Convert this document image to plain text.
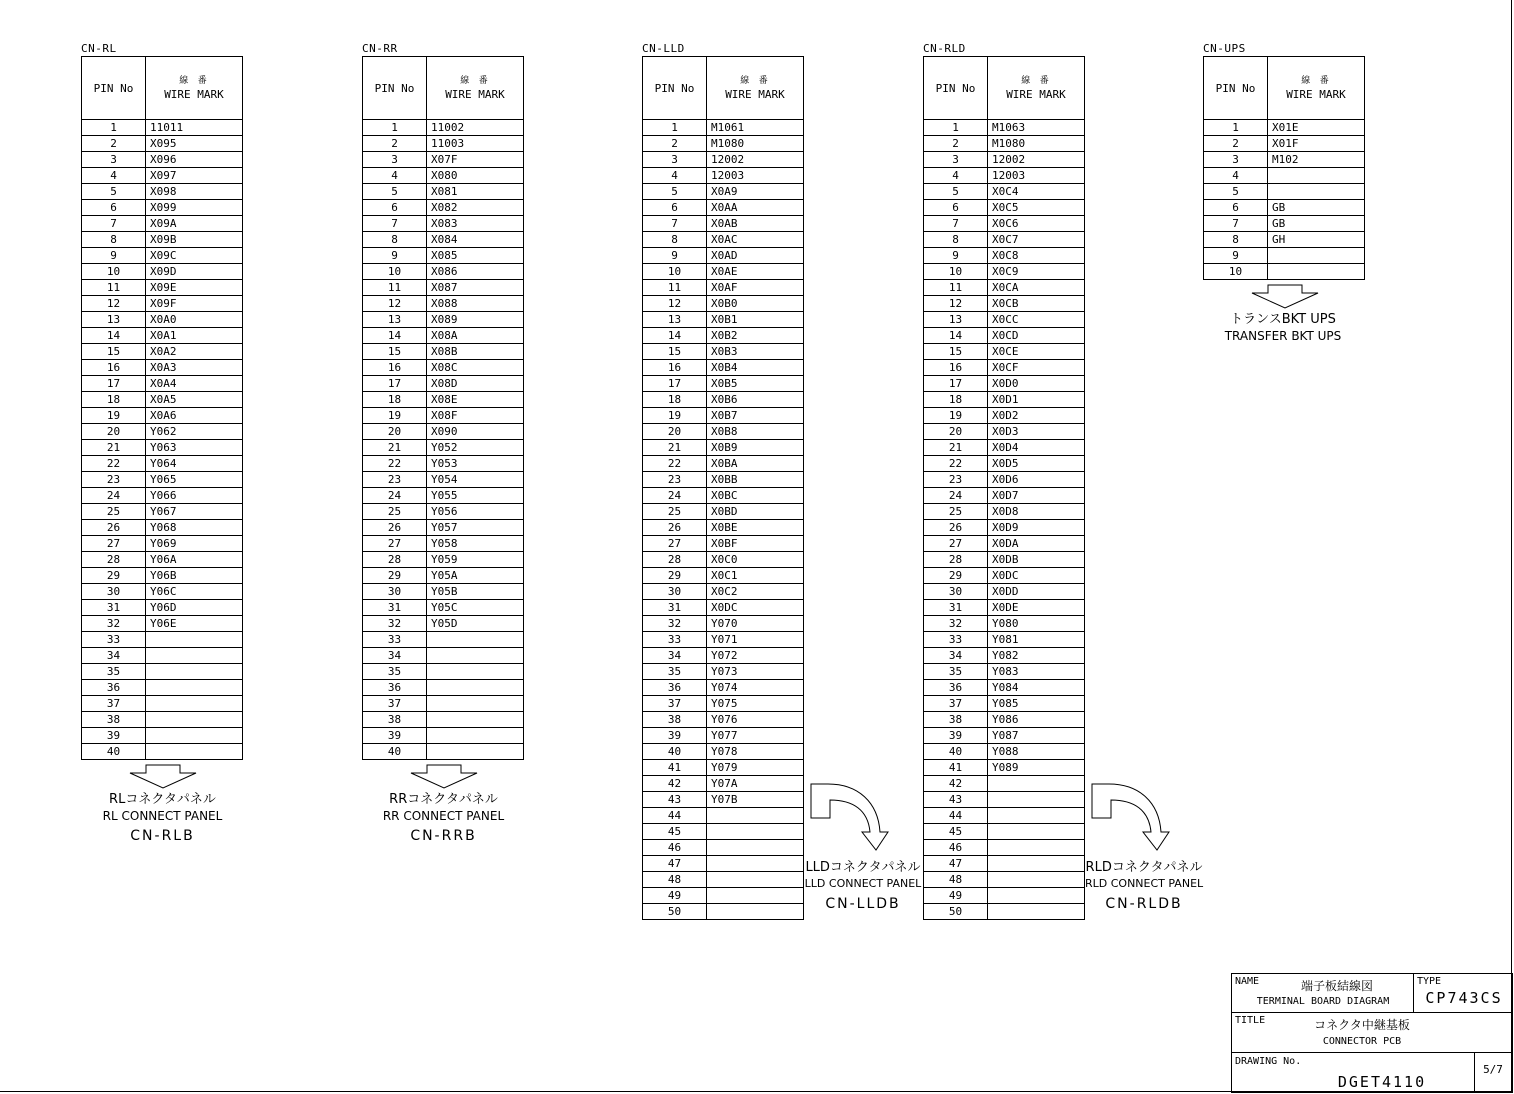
CN-RL
PIN No	線 番
WIRE MARK
1	11011
2	X095
3	X096
4	X097
5	X098
6	X099
7	X09A
8	X09B
9	X09C
10	X09D
11	X09E
12	X09F
13	X0A0
14	X0A1
15	X0A2
16	X0A3
17	X0A4
18	X0A5
19	X0A6
20	Y062
21	Y063
22	Y064
23	Y065
24	Y066
25	Y067
26	Y068
27	Y069
28	Y06A
29	Y06B
30	Y06C
31	Y06D
32	Y06E
33	
34	
35	
36	
37	
38	
39	
40	
RLコネクタパネル
RL CONNECT PANEL
CN-RLB
CN-RR
PIN No	線 番
WIRE MARK
1	11002
2	11003
3	X07F
4	X080
5	X081
6	X082
7	X083
8	X084
9	X085
10	X086
11	X087
12	X088
13	X089
14	X08A
15	X08B
16	X08C
17	X08D
18	X08E
19	X08F
20	X090
21	Y052
22	Y053
23	Y054
24	Y055
25	Y056
26	Y057
27	Y058
28	Y059
29	Y05A
30	Y05B
31	Y05C
32	Y05D
33	
34	
35	
36	
37	
38	
39	
40	
RRコネクタパネル
RR CONNECT PANEL
CN-RRB
CN-LLD
PIN No	線 番
WIRE MARK
1	M1061
2	M1080
3	12002
4	12003
5	X0A9
6	X0AA
7	X0AB
8	X0AC
9	X0AD
10	X0AE
11	X0AF
12	X0B0
13	X0B1
14	X0B2
15	X0B3
16	X0B4
17	X0B5
18	X0B6
19	X0B7
20	X0B8
21	X0B9
22	X0BA
23	X0BB
24	X0BC
25	X0BD
26	X0BE
27	X0BF
28	X0C0
29	X0C1
30	X0C2
31	X0DC
32	Y070
33	Y071
34	Y072
35	Y073
36	Y074
37	Y075
38	Y076
39	Y077
40	Y078
41	Y079
42	Y07A
43	Y07B
44	
45	
46	
47	
48	
49	
50	
LLDコネクタパネル
LLD CONNECT PANEL
CN-LLDB
CN-RLD
PIN No	線 番
WIRE MARK
1	M1063
2	M1080
3	12002
4	12003
5	X0C4
6	X0C5
7	X0C6
8	X0C7
9	X0C8
10	X0C9
11	X0CA
12	X0CB
13	X0CC
14	X0CD
15	X0CE
16	X0CF
17	X0D0
18	X0D1
19	X0D2
20	X0D3
21	X0D4
22	X0D5
23	X0D6
24	X0D7
25	X0D8
26	X0D9
27	X0DA
28	X0DB
29	X0DC
30	X0DD
31	X0DE
32	Y080
33	Y081
34	Y082
35	Y083
36	Y084
37	Y085
38	Y086
39	Y087
40	Y088
41	Y089
42	
43	
44	
45	
46	
47	
48	
49	
50	
RLDコネクタパネル
RLD CONNECT PANEL
CN-RLDB
CN-UPS
PIN No	線 番
WIRE MARK
1	X01E
2	X01F
3	M102
4	
5	
6	GB
7	GB
8	GH
9	
10	
トランスBKT UPS
TRANSFER BKT UPS
NAME	端子板結線図
TERMINAL BOARD DIAGRAM
TYPE
CP743CS
TITLE	コネクタ中継基板
CONNECTOR PCB
DRAWING No.
DGET4110
5/7
